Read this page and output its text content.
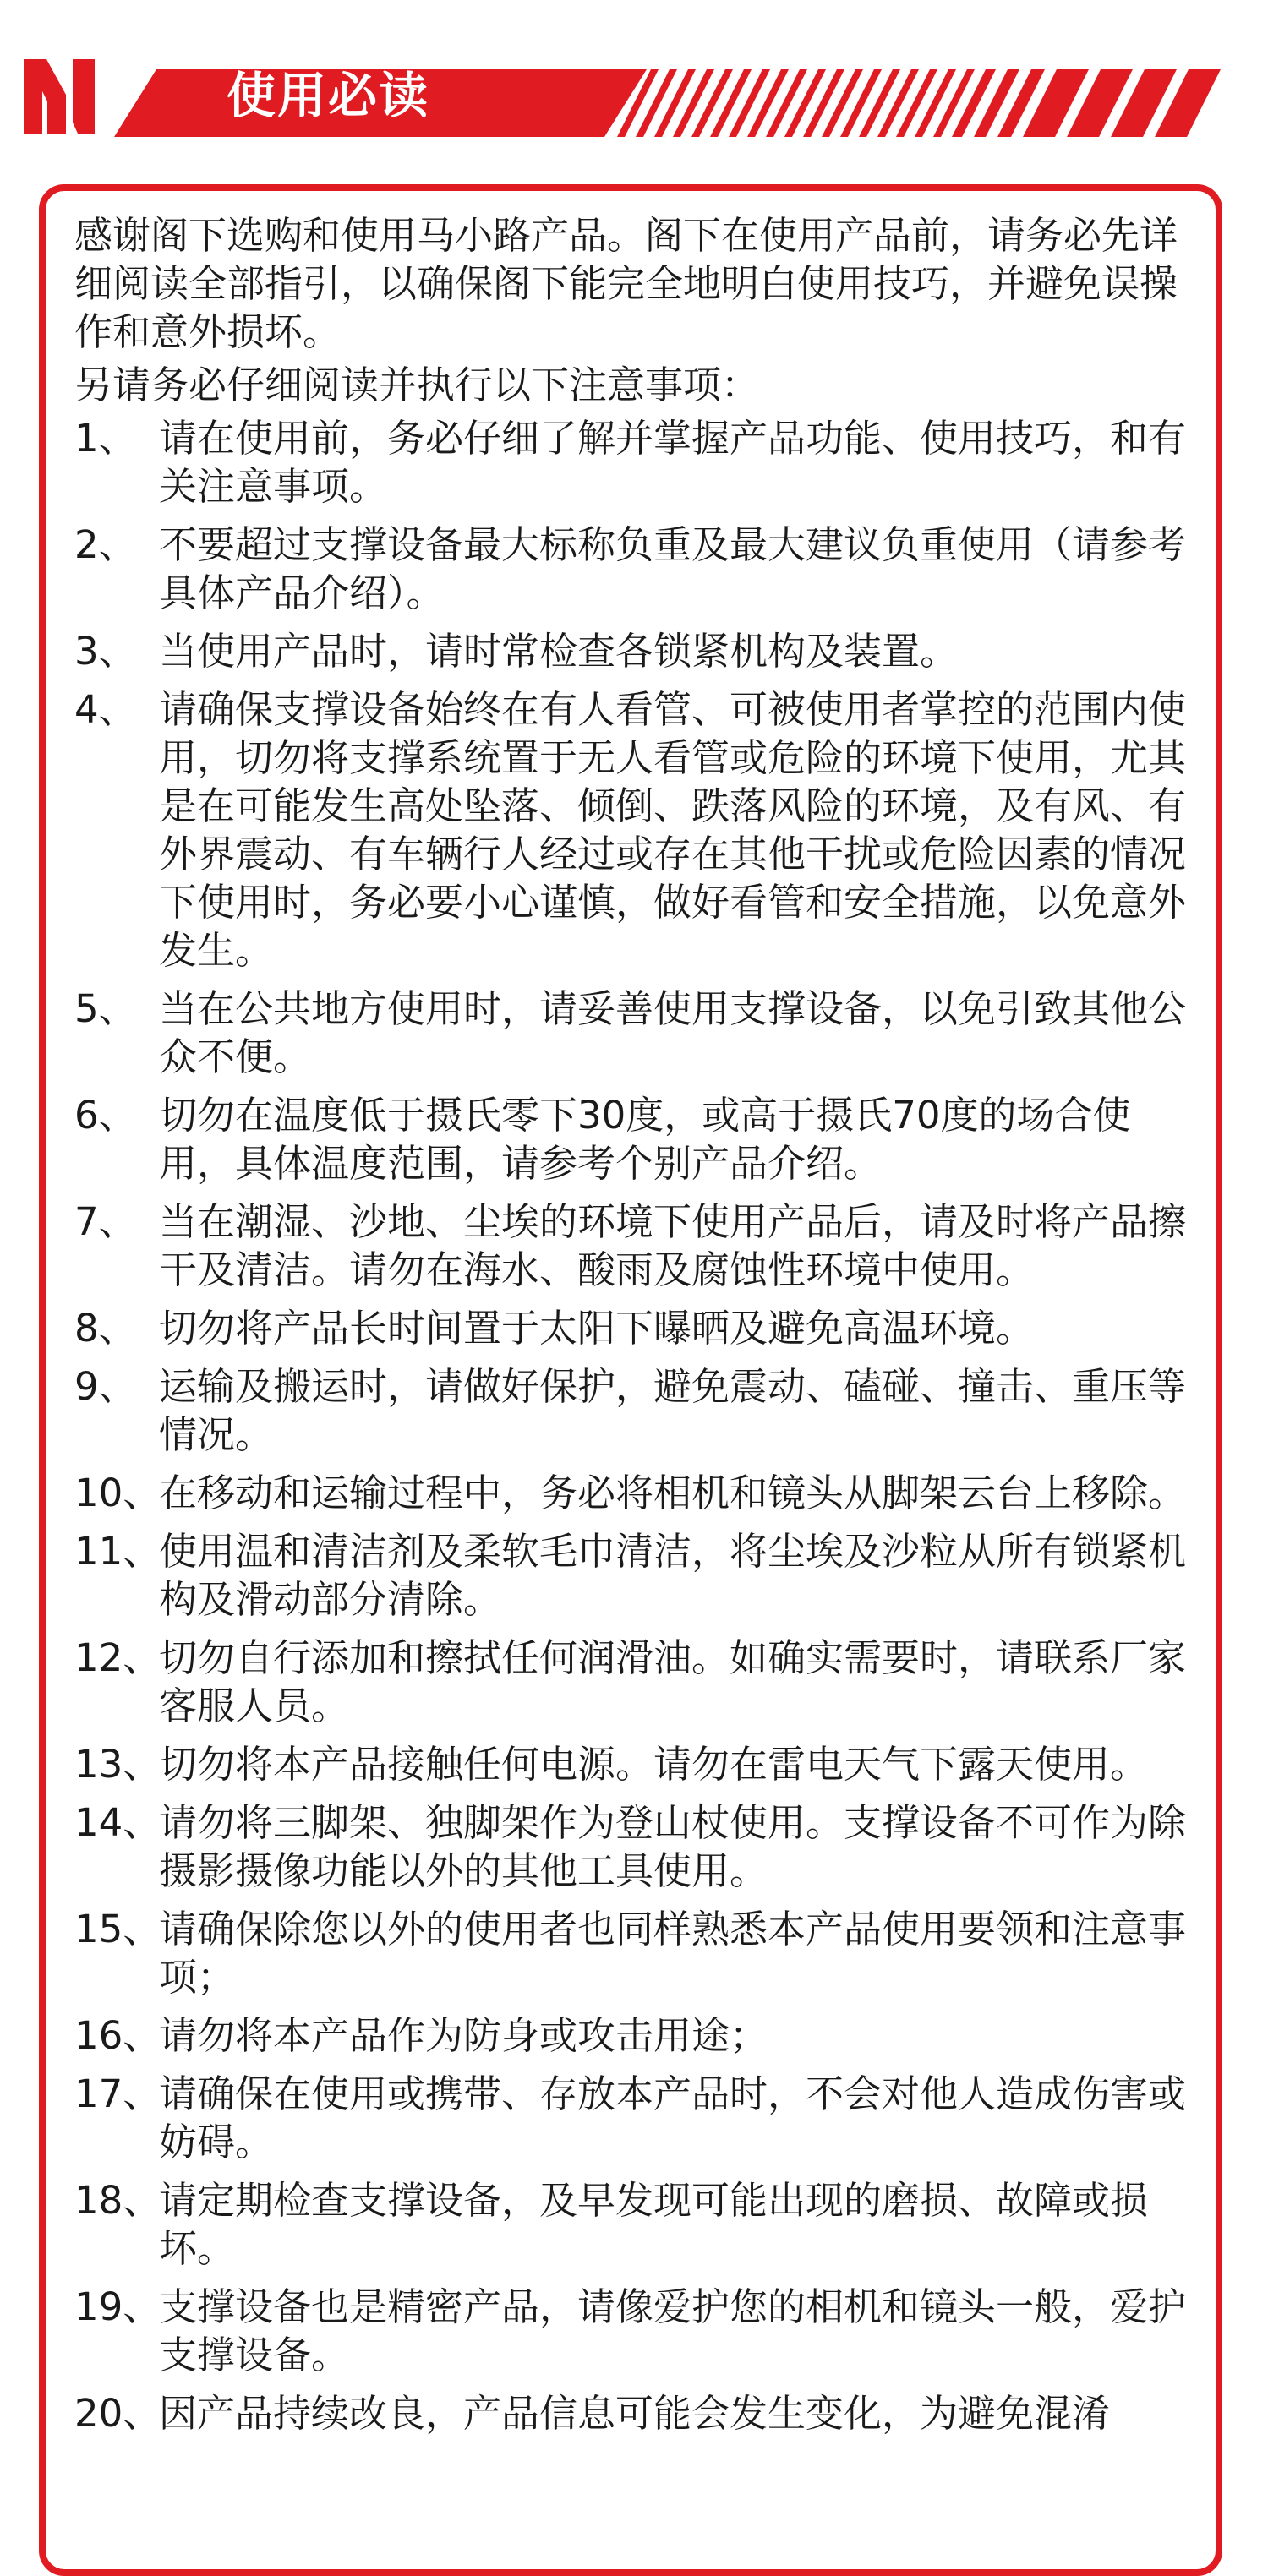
使用必读

感谢阁下选购和使用马小路产品。阁下在使用产品前，请务必先详细阅读全部指引，以确保阁下能完全地明白使用技巧，并避免误操作和意外损坏。

另请务必仔细阅读并执行以下注意事项：

1、 请在使用前，务必仔细了解并掌握产品功能、使用技巧，和有关注意事项。
2、 不要超过支撑设备最大标称负重及最大建议负重使用（请参考具体产品介绍）。
3、 当使用产品时，请时常检查各锁紧机构及装置。
4、 请确保支撑设备始终在有人看管、可被使用者掌控的范围内使用，切勿将支撑系统置于无人看管或危险的环境下使用，尤其是在可能发生高处坠落、倾倒、跌落风险的环境，及有风、有外界震动、有车辆行人经过或存在其他干扰或危险因素的情况下使用时，务必要小心谨慎，做好看管和安全措施，以免意外发生。
5、 当在公共地方使用时，请妥善使用支撑设备，以免引致其他公众不便。
6、 切勿在温度低于摄氏零下30度，或高于摄氏70度的场合使用，具体温度范围，请参考个别产品介绍。
7、 当在潮湿、沙地、尘埃的环境下使用产品后，请及时将产品擦干及清洁。请勿在海水、酸雨及腐蚀性环境中使用。
8、 切勿将产品长时间置于太阳下曝晒及避免高温环境。
9、 运输及搬运时，请做好保护，避免震动、磕碰、撞击、重压等情况。
10、
在移动和运输过程中，务必将相机和镜头从脚架云台上移除。
11、
使用温和清洁剂及柔软毛巾清洁，将尘埃及沙粒从所有锁紧机构及滑动部分清除。
12、
切勿自行添加和擦拭任何润滑油。如确实需要时，请联系厂家客服人员。
13、
切勿将本产品接触任何电源。请勿在雷电天气下露天使用。
14、
请勿将三脚架、独脚架作为登山杖使用。支撑设备不可作为除摄影摄像功能以外的其他工具使用。
15、
请确保除您以外的使用者也同样熟悉本产品使用要领和注意事项；
16、
请勿将本产品作为防身或攻击用途；
17、
请确保在使用或携带、存放本产品时，不会对他人造成伤害或妨碍。
18、
请定期检查支撑设备，及早发现可能出现的磨损、故障或损坏。
19、
支撑设备也是精密产品，请像爱护您的相机和镜头一般，爱护支撑设备。
20、
因产品持续改良，产品信息可能会发生变化，为避免混淆
